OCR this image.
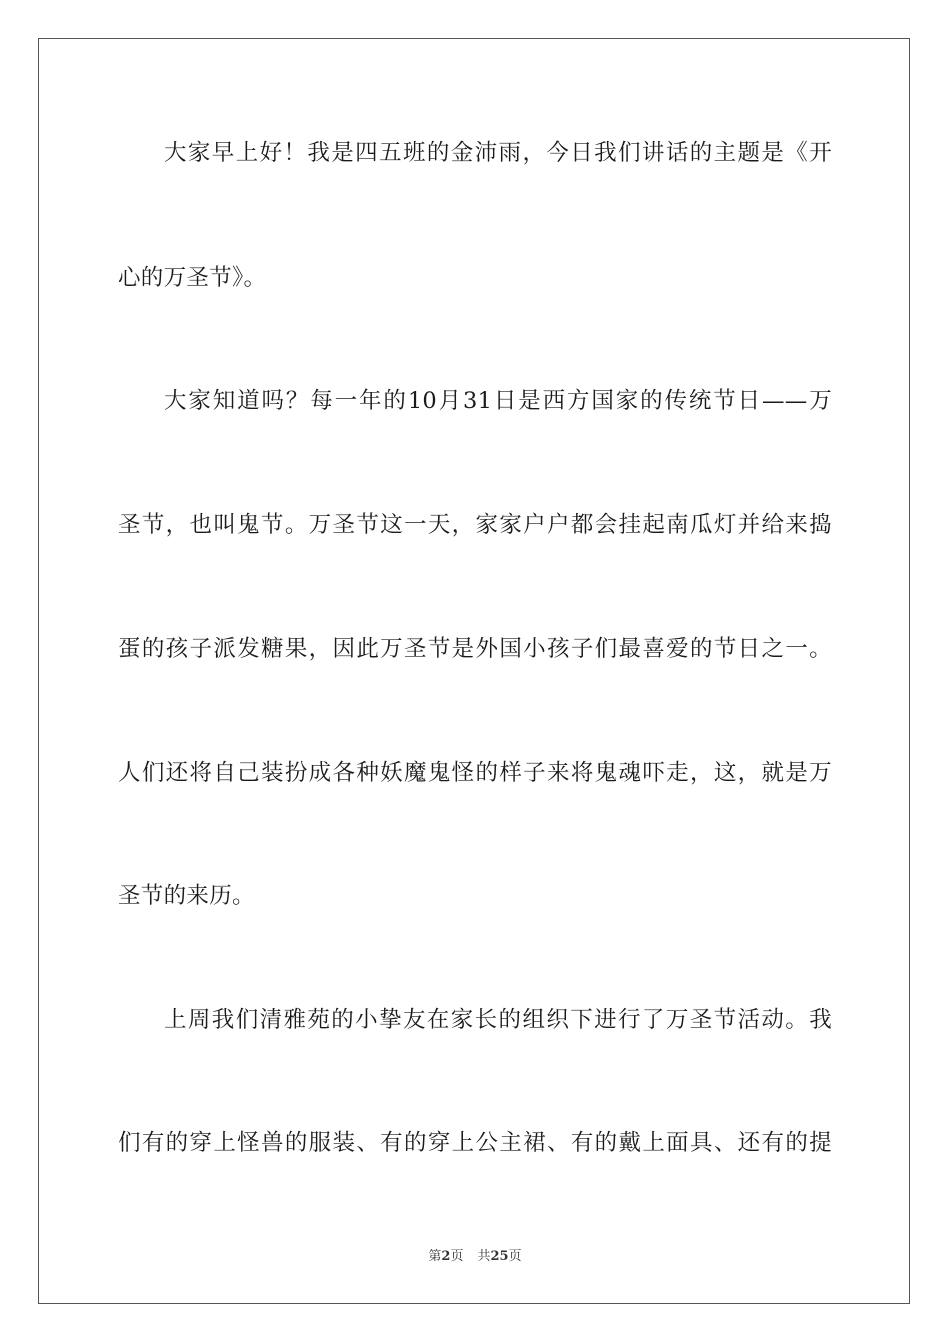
大家早上好！我是四五班的金沛雨，今日我们讲话的主题是《开
心的万圣节》。
大家知道吗？每一年的10月31日是西方国家的传统节日——万
圣节，也叫鬼节。万圣节这一天，家家户户都会挂起南瓜灯并给来捣
蛋的孩子派发糖果，因此万圣节是外国小孩子们最喜爱的节日之一。
人们还将自己装扮成各种妖魔鬼怪的样子来将鬼魂吓走，这，就是万
圣节的来历。
上周我们清雅苑的小挚友在家长的组织下进行了万圣节活动。我
们有的穿上怪兽的服装、有的穿上公主裙、有的戴上面具、还有的提
第2页 共25页
